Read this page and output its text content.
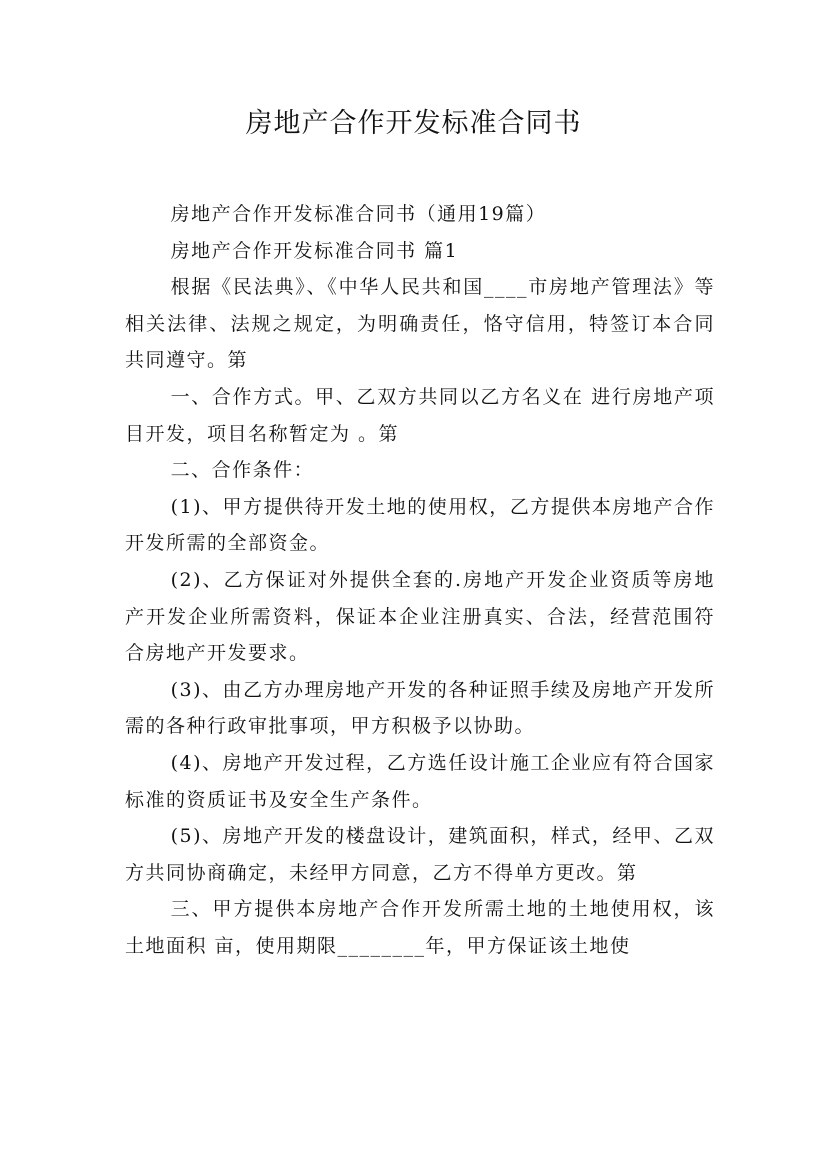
房地产合作开发标准合同书

房地产合作开发标准合同书（通用19篇）

房地产合作开发标准合同书 篇1

根据《民法典》、《中华人民共和国____市房地产管理法》等相关法律、法规之规定，为明确责任，恪守信用，特签订本合同共同遵守。第

一、合作方式。甲、乙双方共同以乙方名义在 进行房地产项目开发，项目名称暂定为 。第

二、合作条件：

(1)、甲方提供待开发土地的使用权，乙方提供本房地产合作开发所需的全部资金。

(2)、乙方保证对外提供全套的.房地产开发企业资质等房地产开发企业所需资料，保证本企业注册真实、合法，经营范围符合房地产开发要求。

(3)、由乙方办理房地产开发的各种证照手续及房地产开发所需的各种行政审批事项，甲方积极予以协助。

(4)、房地产开发过程，乙方选任设计施工企业应有符合国家标准的资质证书及安全生产条件。

(5)、房地产开发的楼盘设计，建筑面积，样式，经甲、乙双方共同协商确定，未经甲方同意，乙方不得单方更改。第

三、甲方提供本房地产合作开发所需土地的土地使用权，该土地面积 亩，使用期限________年，甲方保证该土地使
